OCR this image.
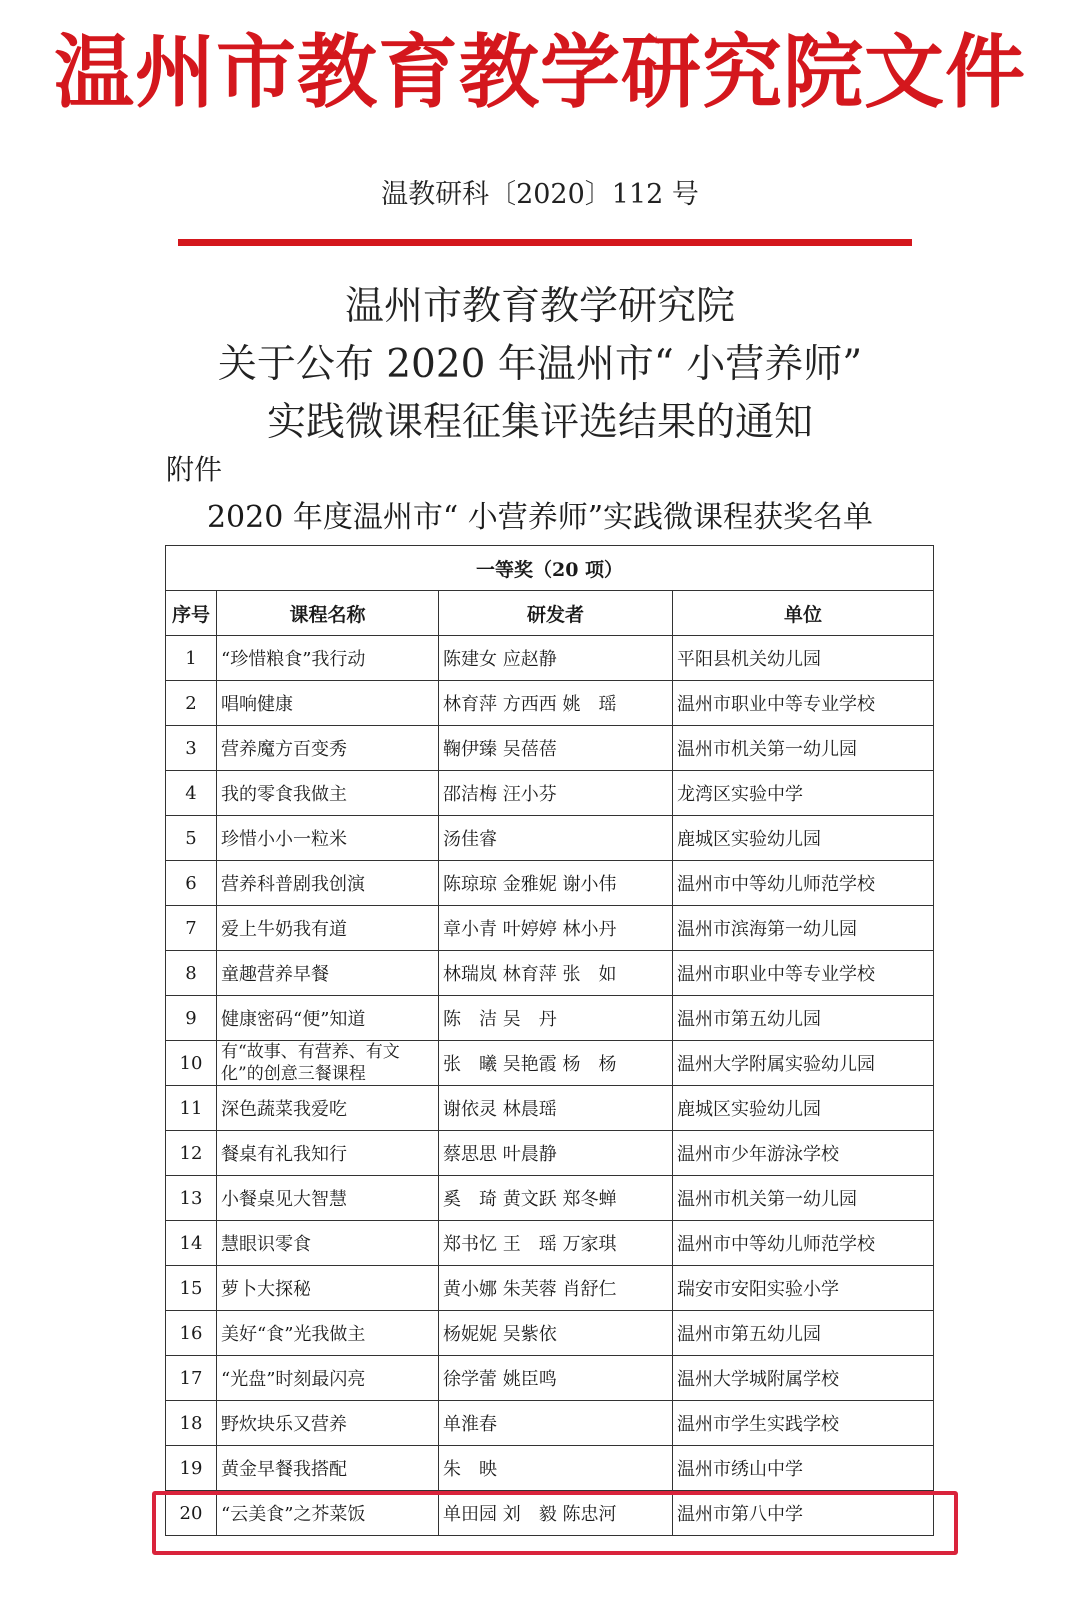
温州市教育教学研究院文件
温教研科〔2020〕112 号
温州市教育教学研究院
关于公布 2020 年温州市“ 小营养师”
实践微课程征集评选结果的通知
附件
2020 年度温州市“ 小营养师”实践微课程获奖名单
一等奖（20 项）			
序号	课程名称	研发者	单位
1	“珍惜粮食”我行动	陈建女 应赵静	平阳县机关幼儿园
2	唱响健康	林育萍 方西西 姚　瑶	温州市职业中等专业学校
3	营养魔方百变秀	鞠伊臻 吴蓓蓓	温州市机关第一幼儿园
4	我的零食我做主	邵洁梅 汪小芬	龙湾区实验中学
5	珍惜小小一粒米	汤佳睿	鹿城区实验幼儿园
6	营养科普剧我创演	陈琼琼 金雅妮 谢小伟	温州市中等幼儿师范学校
7	爱上牛奶我有道	章小青 叶婷婷 林小丹	温州市滨海第一幼儿园
8	童趣营养早餐	林瑞岚 林育萍 张　如	温州市职业中等专业学校
9	健康密码“便”知道	陈　洁 吴　丹	温州市第五幼儿园
10	有“故事、有营养、有文化”的创意三餐课程	张　曦 吴艳霞 杨　杨	温州大学附属实验幼儿园
11	深色蔬菜我爱吃	谢依灵 林晨瑶	鹿城区实验幼儿园
12	餐桌有礼我知行	蔡思思 叶晨静	温州市少年游泳学校
13	小餐桌见大智慧	奚　琦 黄文跃 郑冬蝉	温州市机关第一幼儿园
14	慧眼识零食	郑书忆 王　瑶 万家琪	温州市中等幼儿师范学校
15	萝卜大探秘	黄小娜 朱芙蓉 肖舒仁	瑞安市安阳实验小学
16	美好“食”光我做主	杨妮妮 吴紫依	温州市第五幼儿园
17	“光盘”时刻最闪亮	徐学蕾 姚臣鸣	温州大学城附属学校
18	野炊块乐又营养	单淮春	温州市学生实践学校
19	黄金早餐我搭配	朱　映	温州市绣山中学
20	“云美食”之芥菜饭	单田园 刘　毅 陈忠河	温州市第八中学
